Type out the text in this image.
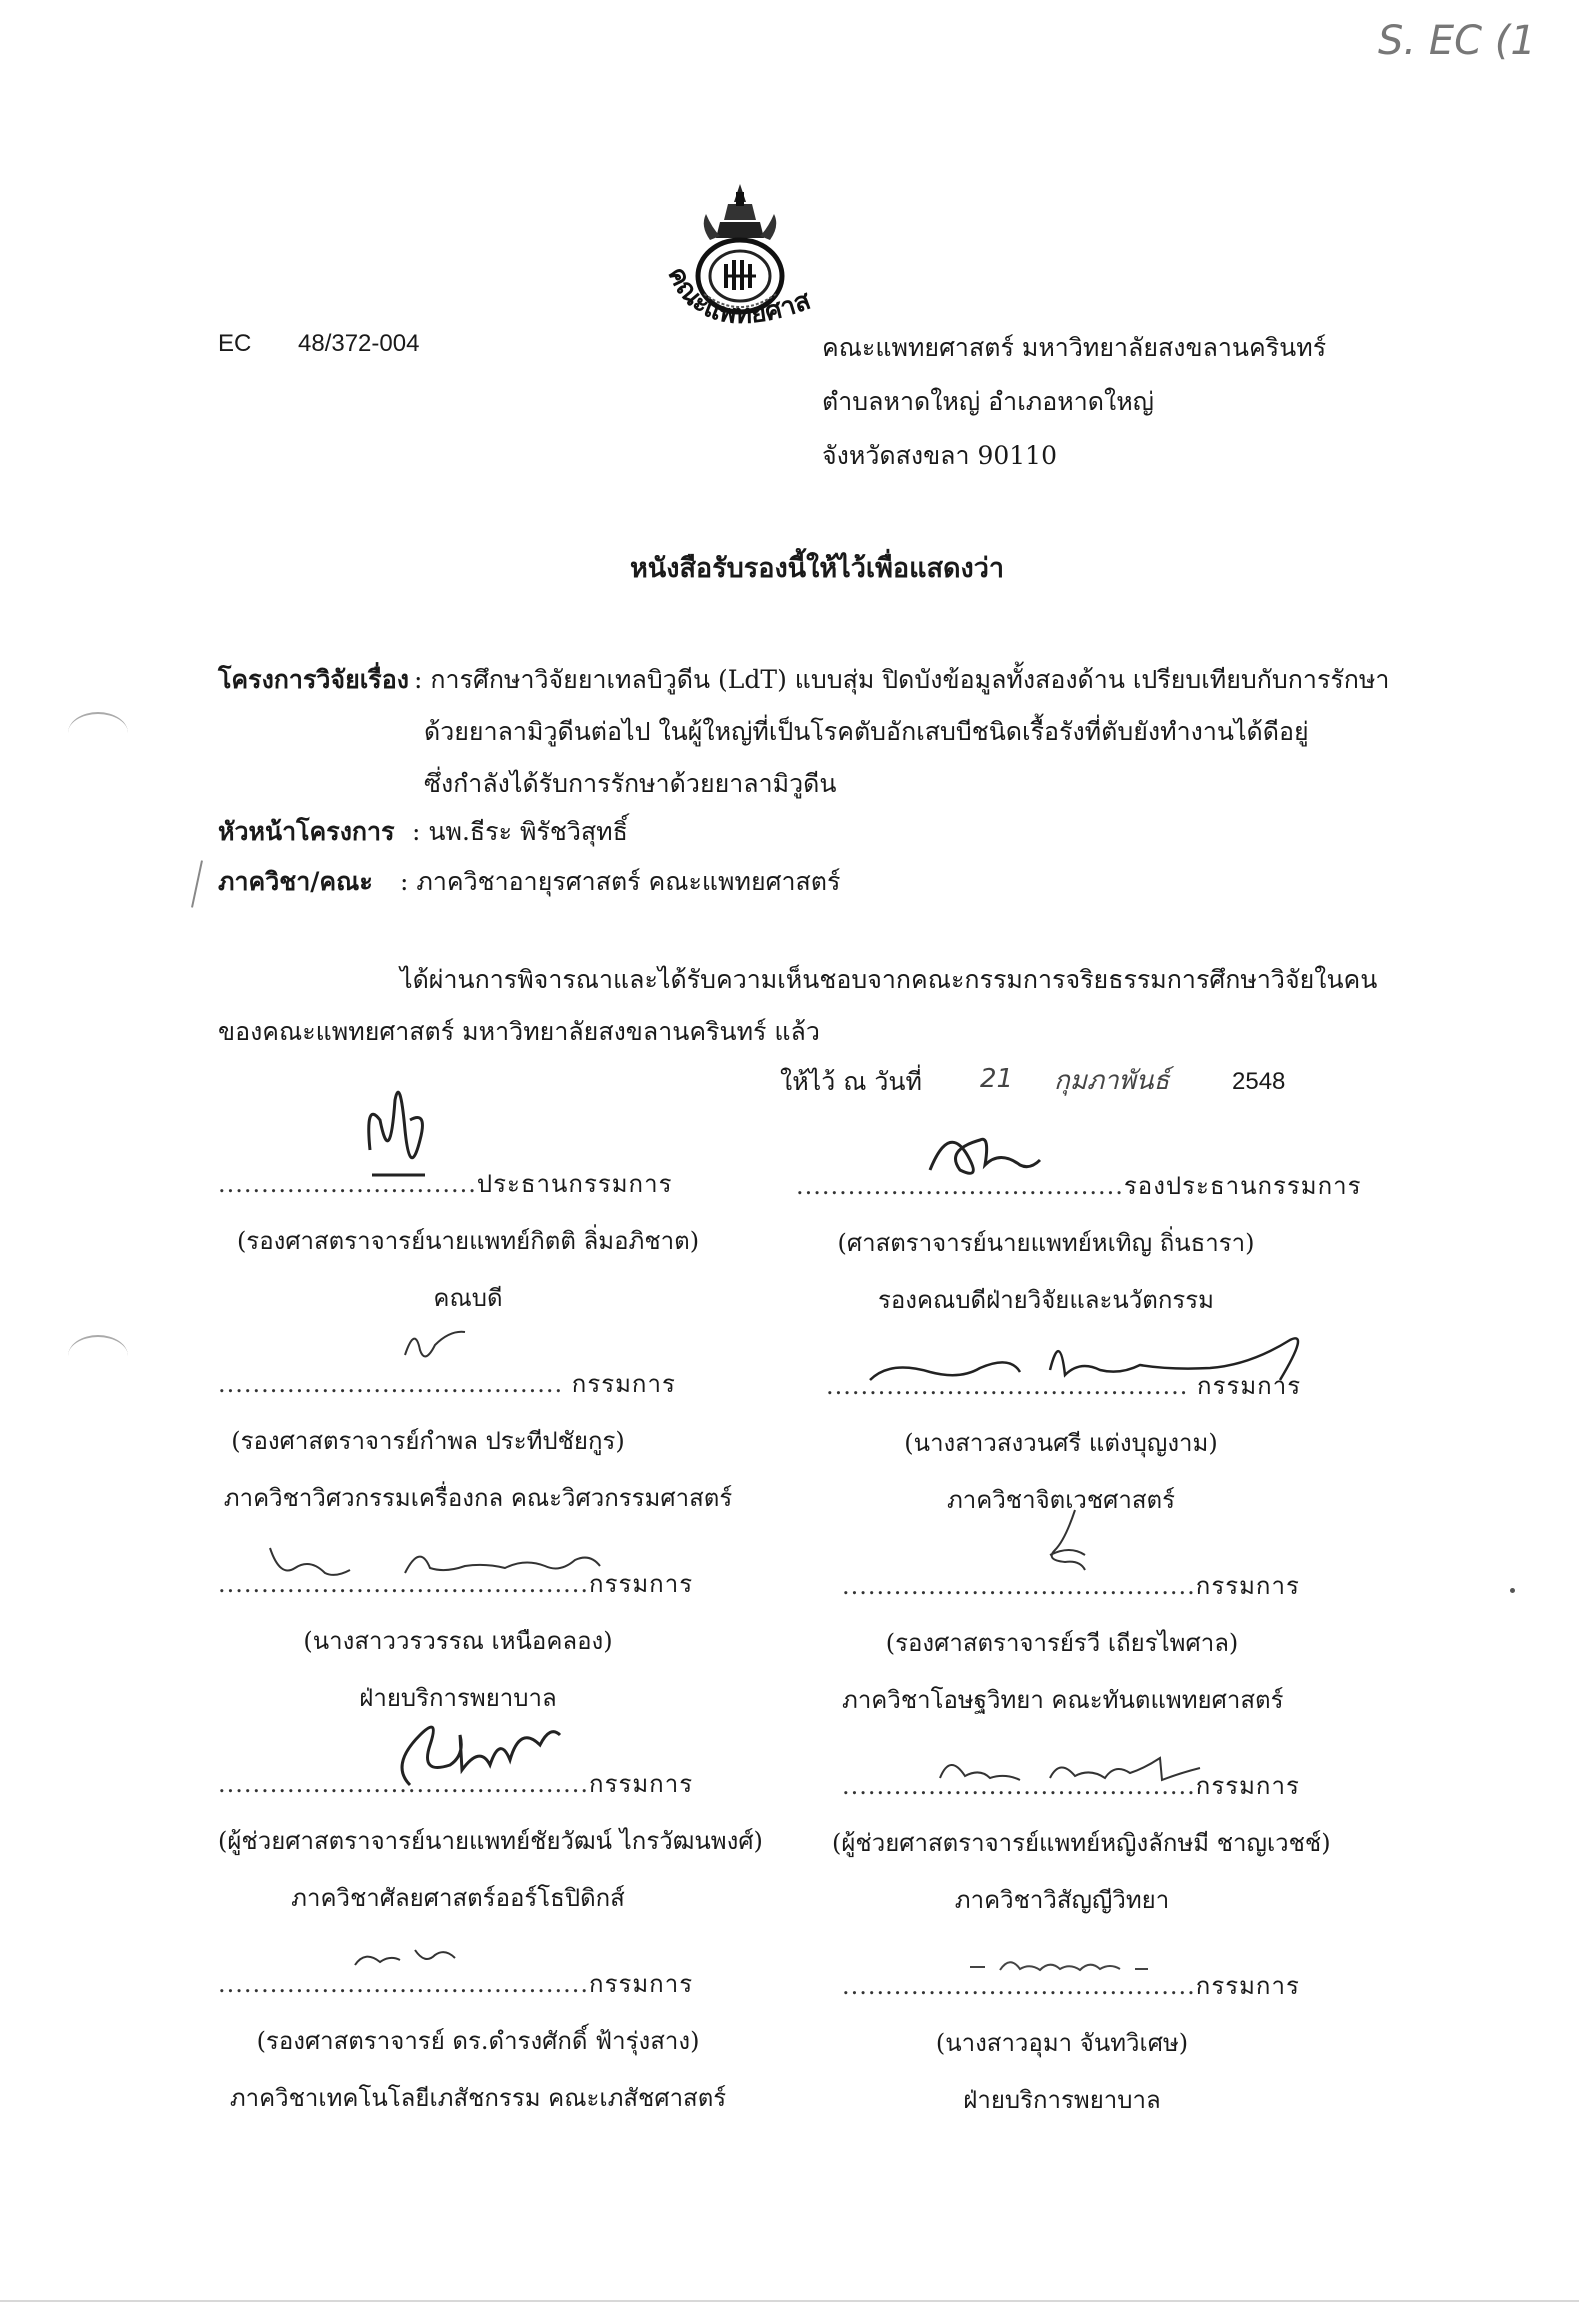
S. EC (1
คณะแพทยศาส
EC 48/372-004	คณะแพทยศาสตร์ มหาวิทยาลัยสงขลานครินทร์
ตำบลหาดใหญ่ อำเภอหาดใหญ่
จังหวัดสงขลา 90110
หนังสือรับรองนี้ให้ไว้เพื่อแสดงว่า
โครงการวิจัยเรื่อง : การศึกษาวิจัยยาเทลบิวูดีน (LdT) แบบสุ่ม ปิดบังข้อมูลทั้งสองด้าน เปรียบเทียบกับการรักษา
ด้วยยาลามิวูดีนต่อไป ในผู้ใหญ่ที่เป็นโรคตับอักเสบบีชนิดเรื้อรังที่ตับยังทำงานได้ดีอยู่
ซึ่งกำลังได้รับการรักษาด้วยยาลามิวูดีน
หัวหน้าโครงการ : นพ.ธีระ พิรัชวิสุทธิ์
ภาควิชา/คณะ : ภาควิชาอายุรศาสตร์ คณะแพทยศาสตร์
ได้ผ่านการพิจารณาและได้รับความเห็นชอบจากคณะกรรมการจริยธรรมการศึกษาวิจัยในคน
ของคณะแพทยศาสตร์ มหาวิทยาลัยสงขลานครินทร์ แล้ว
ให้ไว้ ณ วันที่ 21 กุมภาพันธ์	2548
..............................ประธานกรรมการ
(รองศาสตราจารย์นายแพทย์กิตติ ลิ่มอภิชาต)
คณบดี
......................................รองประธานกรรมการ
(ศาสตราจารย์นายแพทย์หเทิญ ถิ่นธารา)
รองคณบดีฝ่ายวิจัยและนวัตกรรม
........................................ กรรมการ
(รองศาสตราจารย์กำพล ประทีปชัยกูร)
ภาควิชาวิศวกรรมเครื่องกล คณะวิศวกรรมศาสตร์
.......................................... กรรมการ
(นางสาวสงวนศรี แต่งบุญงาม)
ภาควิชาจิตเวชศาสตร์
...........................................กรรมการ
(นางสาววรวรรณ เหนือคลอง)
ฝ่ายบริการพยาบาล
.........................................กรรมการ
(รองศาสตราจารย์รวี เถียรไพศาล)
ภาควิชาโอษฐวิทยา คณะทันตแพทยศาสตร์
...........................................กรรมการ
(ผู้ช่วยศาสตราจารย์นายแพทย์ชัยวัฒน์ ไกรวัฒนพงศ์)
ภาควิชาศัลยศาสตร์ออร์โธปิดิกส์
.........................................กรรมการ
(ผู้ช่วยศาสตราจารย์แพทย์หญิงลักษมี ชาญเวชช์)
ภาควิชาวิสัญญีวิทยา
...........................................กรรมการ
(รองศาสตราจารย์ ดร.ดำรงศักดิ์ ฟ้ารุ่งสาง)
ภาควิชาเทคโนโลยีเภสัชกรรม คณะเภสัชศาสตร์
.........................................กรรมการ
(นางสาวอุมา จันทวิเศษ)
ฝ่ายบริการพยาบาล
